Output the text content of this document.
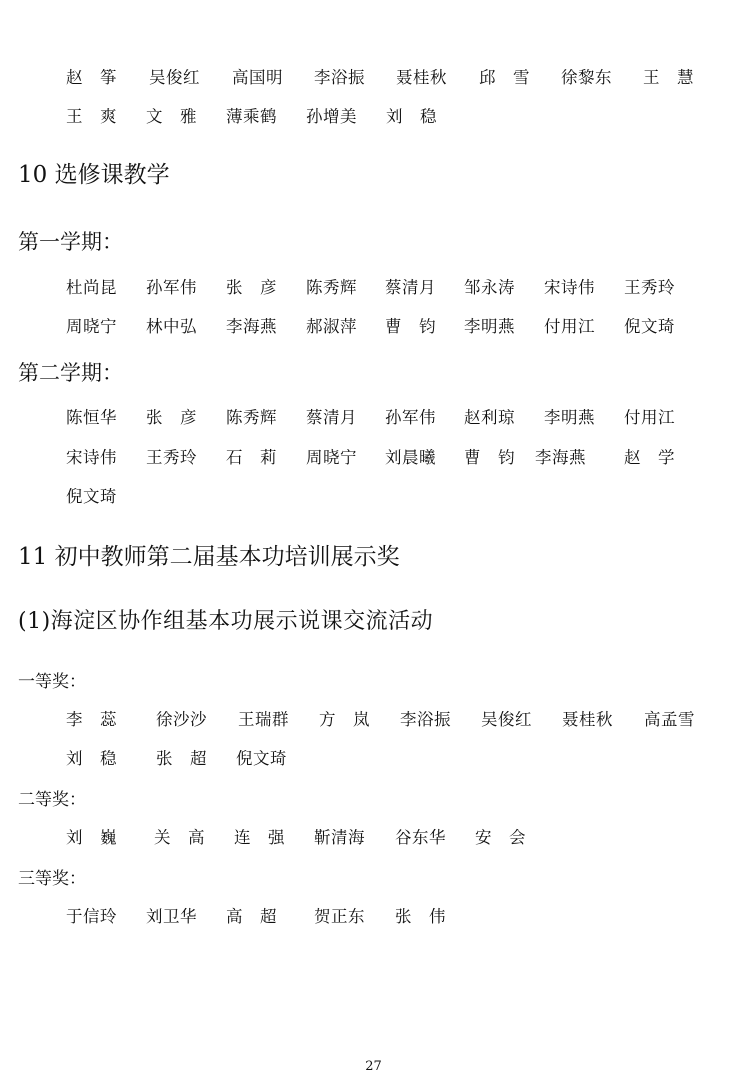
赵　筝 吴俊红 高国明 李浴振 聂桂秋 邱　雪 徐黎东 王　慧
王　爽 文　雅 薄乘鹤 孙增美 刘　稳
10 选修课教学
第一学期：
杜尚昆 孙军伟 张　彦 陈秀辉 蔡清月 邹永涛 宋诗伟 王秀玲
周晓宁 林中弘 李海燕 郝淑萍 曹　钧 李明燕 付用江 倪文琦
第二学期：
陈恒华 张　彦 陈秀辉 蔡清月 孙军伟 赵利琼 李明燕 付用江
宋诗伟 王秀玲 石　莉 周晓宁 刘晨曦 曹　钧 李海燕 赵　学
倪文琦
11 初中教师第二届基本功培训展示奖
(1)海淀区协作组基本功展示说课交流活动
一等奖：
李　蕊 徐沙沙 王瑞群 方　岚 李浴振 吴俊红 聂桂秋 高孟雪
刘　稳 张　超 倪文琦
二等奖：
刘　巍 关　高 连　强 靳清海 谷东华 安　会
三等奖：
于信玲 刘卫华 高　超 贺正东 张　伟
27
